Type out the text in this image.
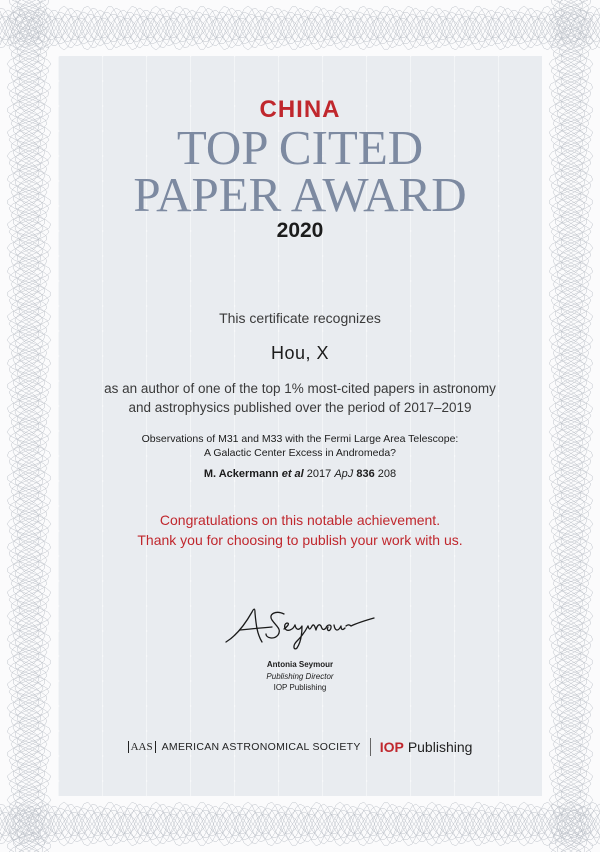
CHINA

TOP CITED

PAPER AWARD

2020

This certificate recognizes

Hou, X

as an author of one of the top 1% most-cited papers in astronomy

and astrophysics published over the period of 2017–2019

Observations of M31 and M33 with the Fermi Large Area Telescope:

A Galactic Center Excess in Andromeda?

M. Ackermann et al 2017 ApJ 836 208

Congratulations on this notable achievement.

Thank you for choosing to publish your work with us.

Antonia Seymour

Publishing Director

IOP Publishing

AAS AMERICAN ASTRONOMICAL SOCIETY IOP Publishing
